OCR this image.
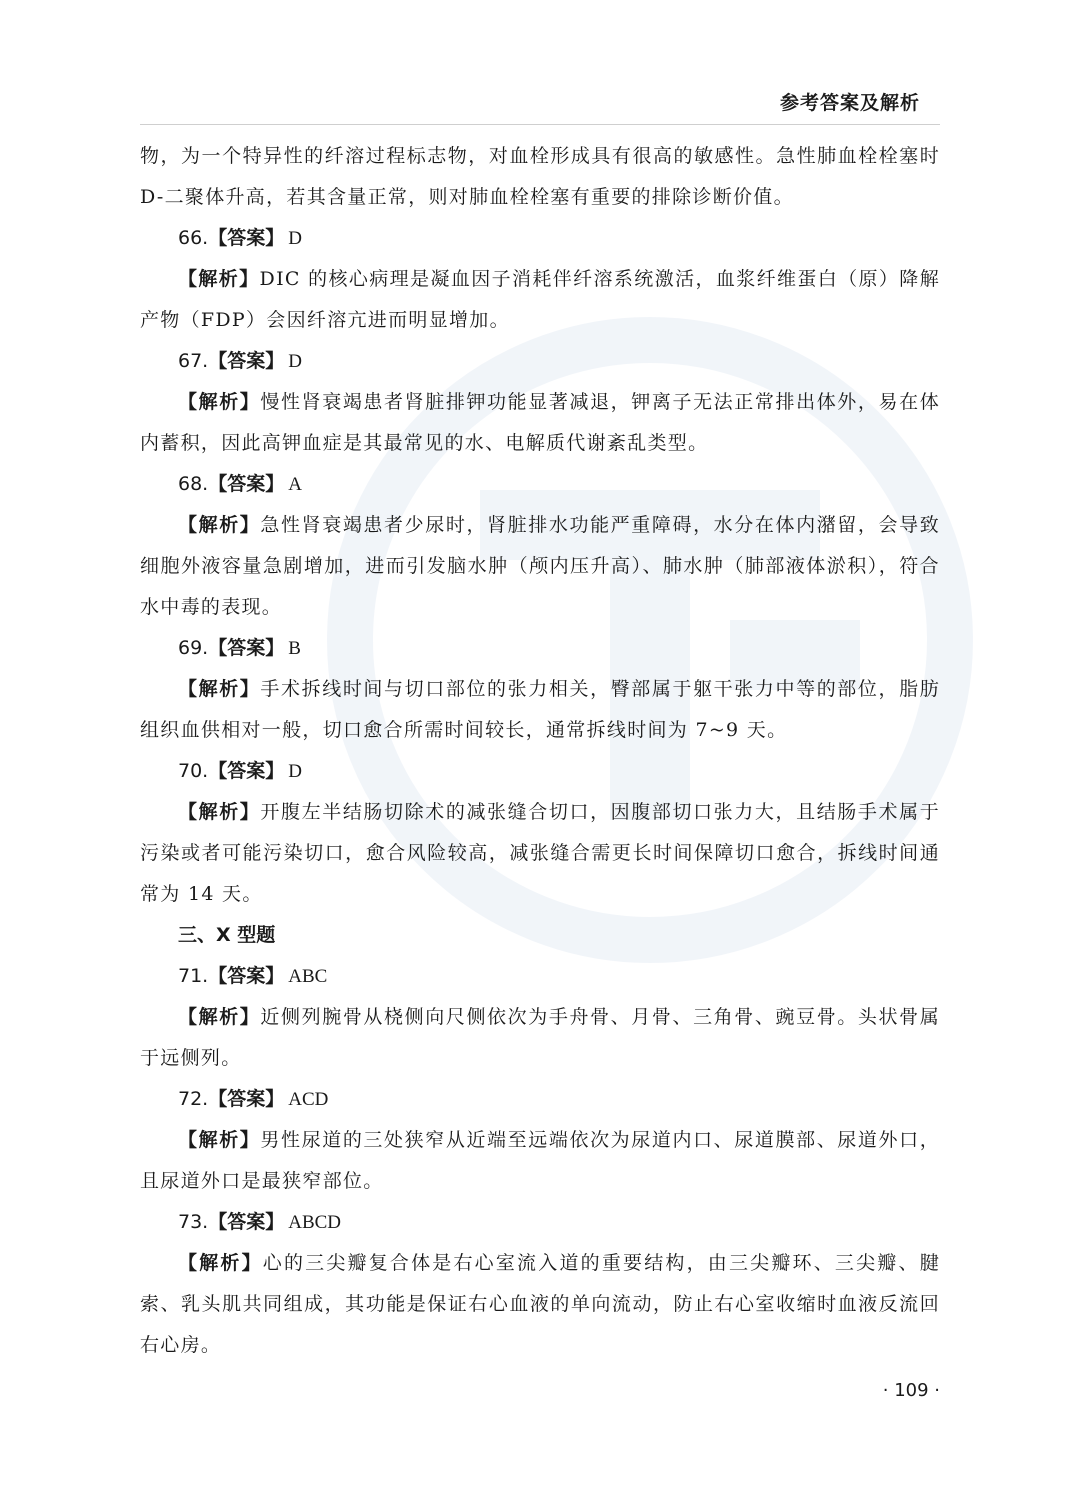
参考答案及解析

物，为一个特异性的纤溶过程标志物，对血栓形成具有很高的敏感性。急性肺血栓栓塞时D-二聚体升高，若其含量正常，则对肺血栓栓塞有重要的排除诊断价值。

66.【答案】 D

【解析】DIC 的核心病理是凝血因子消耗伴纤溶系统激活，血浆纤维蛋白（原）降解产物（FDP）会因纤溶亢进而明显增加。

67.【答案】 D

【解析】慢性肾衰竭患者肾脏排钾功能显著减退，钾离子无法正常排出体外，易在体内蓄积，因此高钾血症是其最常见的水、电解质代谢紊乱类型。

68.【答案】 A

【解析】急性肾衰竭患者少尿时，肾脏排水功能严重障碍，水分在体内潴留，会导致细胞外液容量急剧增加，进而引发脑水肿（颅内压升高）、肺水肿（肺部液体淤积），符合水中毒的表现。

69.【答案】 B

【解析】手术拆线时间与切口部位的张力相关，臀部属于躯干张力中等的部位，脂肪组织血供相对一般，切口愈合所需时间较长，通常拆线时间为 7~9 天。

70.【答案】 D

【解析】开腹左半结肠切除术的减张缝合切口，因腹部切口张力大，且结肠手术属于污染或者可能污染切口，愈合风险较高，减张缝合需更长时间保障切口愈合，拆线时间通常为 14 天。

三、X 型题
71.【答案】 ABC

【解析】近侧列腕骨从桡侧向尺侧依次为手舟骨、月骨、三角骨、豌豆骨。头状骨属于远侧列。

72.【答案】 ACD

【解析】男性尿道的三处狭窄从近端至远端依次为尿道内口、尿道膜部、尿道外口，且尿道外口是最狭窄部位。

73.【答案】 ABCD

【解析】心的三尖瓣复合体是右心室流入道的重要结构，由三尖瓣环、三尖瓣、腱索、乳头肌共同组成，其功能是保证右心血液的单向流动，防止右心室收缩时血液反流回右心房。

· 109 ·
